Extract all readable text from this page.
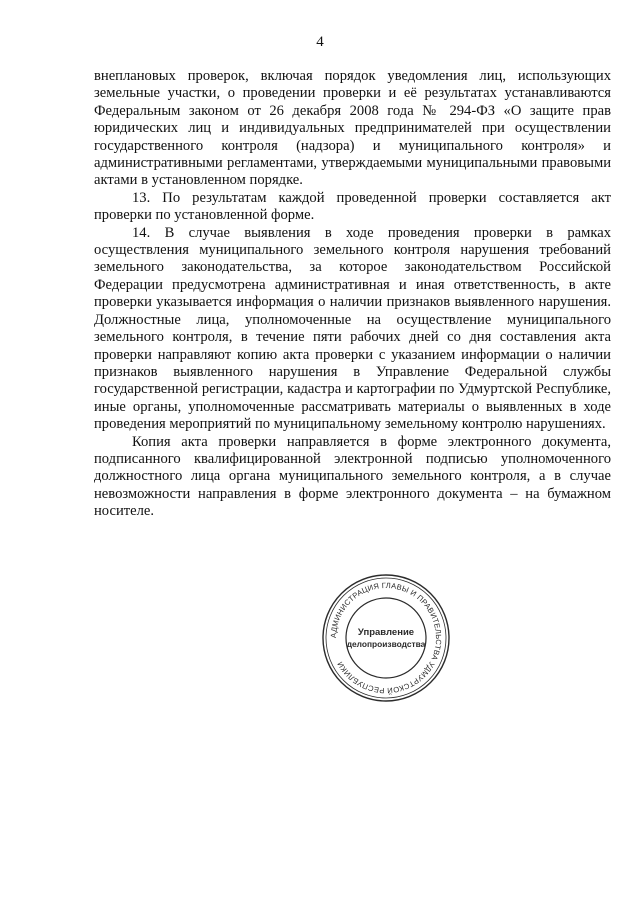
4

внеплановых проверок, включая порядок уведомления лиц, использующих земельные участки, о проведении проверки и её результатах устанавливаются Федеральным законом от 26 декабря 2008 года № 294-ФЗ «О защите прав юридических лиц и индивидуальных предпринимателей при осуществлении государственного контроля (надзора) и муниципального контроля» и административными регламентами, утверждаемыми муниципальными правовыми актами в установленном порядке.

13. По результатам каждой проведенной проверки составляется акт проверки по установленной форме.

14. В случае выявления в ходе проведения проверки в рамках осуществления муниципального земельного контроля нарушения требований земельного законодательства, за которое законодательством Российской Федерации предусмотрена административная и иная ответственность, в акте проверки указывается информация о наличии признаков выявленного нарушения. Должностные лица, уполномоченные на осуществление муниципального земельного контроля, в течение пяти рабочих дней со дня составления акта проверки направляют копию акта проверки с указанием информации о наличии признаков выявленного нарушения в Управление Федеральной службы государственной регистрации, кадастра и картографии по Удмуртской Республике, иные органы, уполномоченные рассматривать материалы о выявленных в ходе проведения мероприятий по муниципальному земельному контролю нарушениях.

Копия акта проверки направляется в форме электронного документа, подписанного квалифицированной электронной подписью уполномоченного должностного лица органа муниципального земельного контроля, а в случае невозможности направления в форме электронного документа – на бумажном носителе.

АДМИНИСТРАЦИЯ ГЛАВЫ И ПРАВИТЕЛЬСТВА УДМУРТСКОЙ РЕСПУБЛИКИ
Управление
делопроизводства
